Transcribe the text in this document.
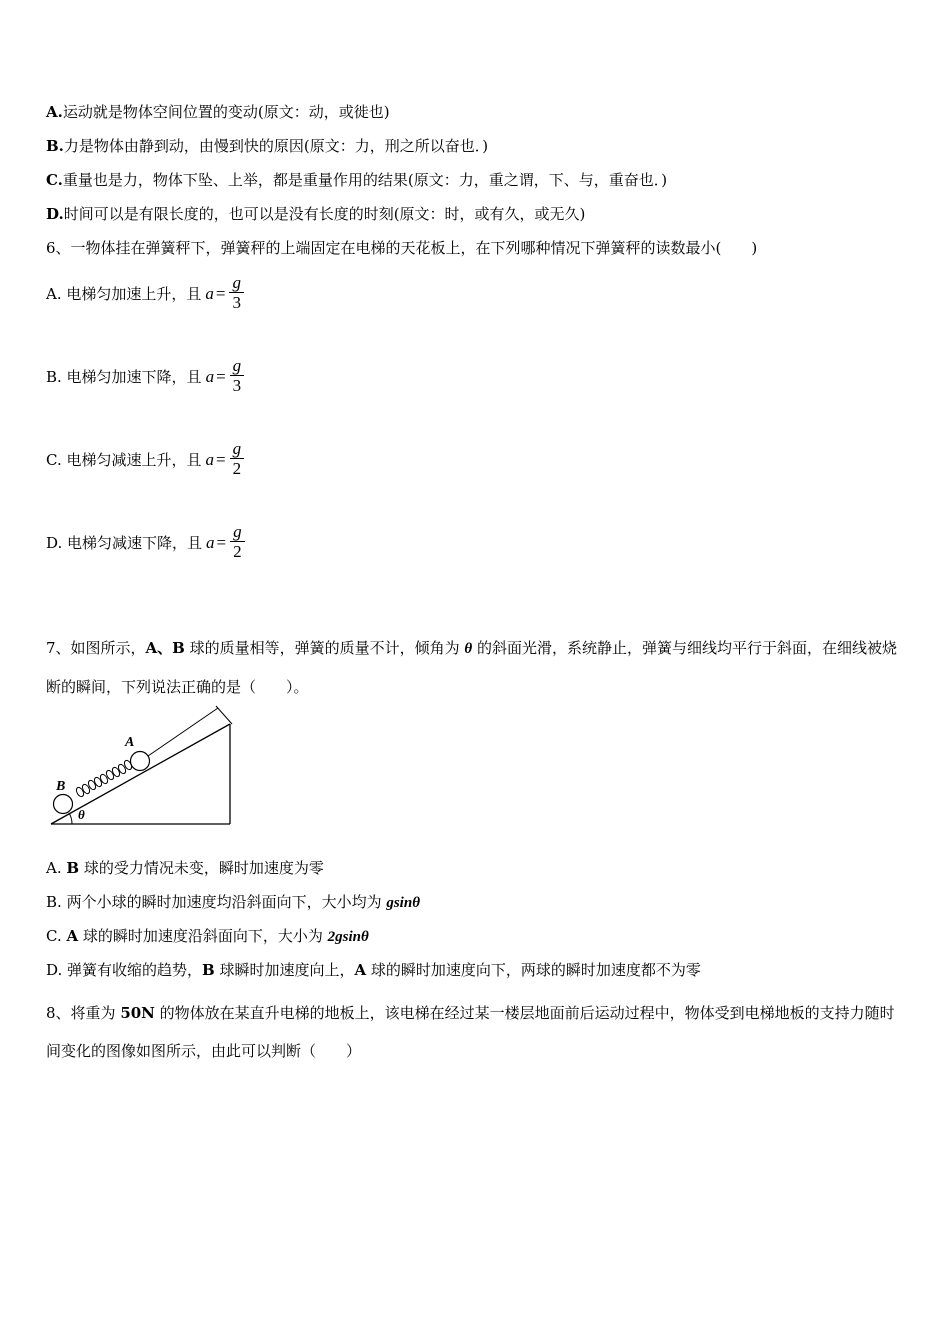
A.运动就是物体空间位置的变动(原文：动，或徙也)
B.力是物体由静到动，由慢到快的原因(原文：力，刑之所以奋也．)
C.重量也是力，物体下坠、上举，都是重量作用的结果(原文：力，重之谓，下、与，重奋也．)
D.时间可以是有限长度的，也可以是没有长度的时刻(原文：时，或有久，或无久)
6、一物体挂在弹簧秤下，弹簧秤的上端固定在电梯的天花板上，在下列哪种情况下弹簧秤的读数最小(　　)
A. 电梯匀加速上升，且 $a = \frac{g}{3}$
B. 电梯匀加速下降，且 $a = \frac{g}{3}$
C. 电梯匀减速上升，且 $a = \frac{g}{2}$
D. 电梯匀减速下降，且 $a = \frac{g}{2}$
7、如图所示，A、B 球的质量相等，弹簧的质量不计，倾角为 θ 的斜面光滑，系统静止，弹簧与细线均平行于斜面，在细线被烧断的瞬间，下列说法正确的是（　　）。
A
B
θ
A. B 球的受力情况未变，瞬时加速度为零
B. 两个小球的瞬时加速度均沿斜面向下，大小均为 gsinθ
C. A 球的瞬时加速度沿斜面向下，大小为 2gsinθ
D. 弹簧有收缩的趋势，B 球瞬时加速度向上，A 球的瞬时加速度向下，两球的瞬时加速度都不为零
8、将重为 50N 的物体放在某直升电梯的地板上，该电梯在经过某一楼层地面前后运动过程中，物体受到电梯地板的支持力随时间变化的图像如图所示，由此可以判断（　　）
